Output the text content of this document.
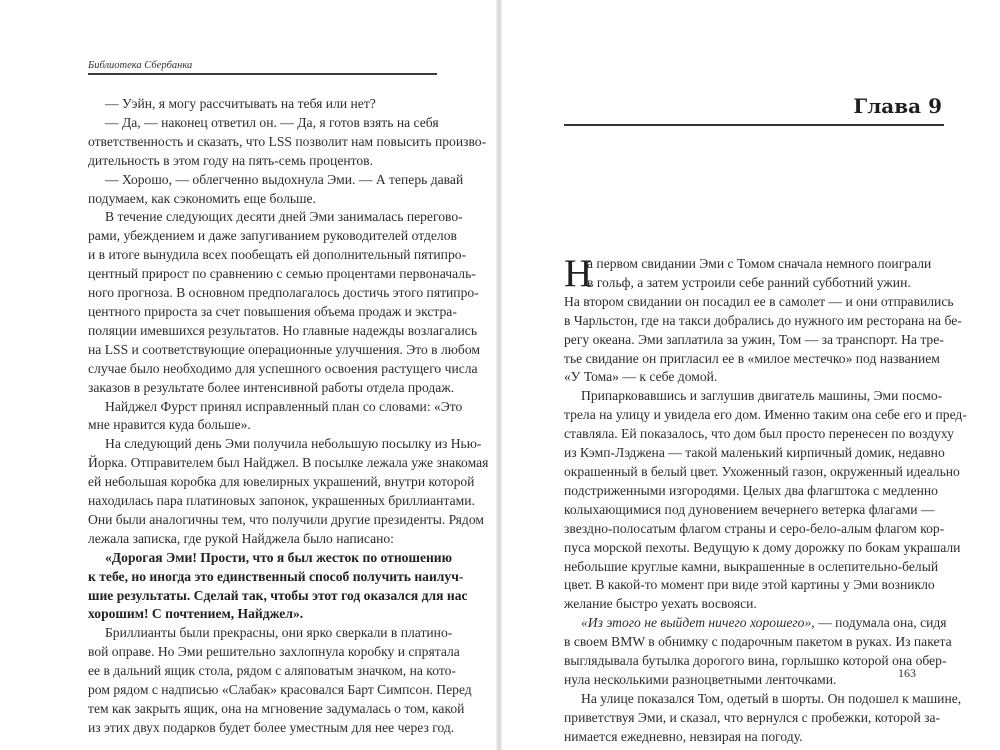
Библиотека Сбербанка
— Уэйн, я могу рассчитывать на тебя или нет?
— Да, — наконец ответил он. — Да, я готов взять на себя
ответственность и сказать, что LSS позволит нам повысить произво-
дительность в этом году на пять-семь процентов.
— Хорошо, — облегченно выдохнула Эми. — А теперь давай
подумаем, как сэкономить еще больше.
В течение следующих десяти дней Эми занималась перегово-
рами, убеждением и даже запугиванием руководителей отделов
и в итоге вынудила всех пообещать ей дополнительный пятипро-
центный прирост по сравнению с семью процентами первоначаль-
ного прогноза. В основном предполагалось достичь этого пятипро-
центного прироста за счет повышения объема продаж и экстра-
поляции имевшихся результатов. Но главные надежды возлагались
на LSS и соответствующие операционные улучшения. Это в любом
случае было необходимо для успешного освоения растущего числа
заказов в результате более интенсивной работы отдела продаж.
Найджел Фурст принял исправленный план со словами: «Это
мне нравится куда больше».
На следующий день Эми получила небольшую посылку из Нью-
Йорка. Отправителем был Найджел. В посылке лежала уже знакомая
ей небольшая коробка для ювелирных украшений, внутри которой
находилась пара платиновых запонок, украшенных бриллиантами.
Они были аналогичны тем, что получили другие президенты. Рядом
лежала записка, где рукой Найджела было написано:
«Дорогая Эми! Прости, что я был жесток по отношению
к тебе, но иногда это единственный способ получить наилуч-
шие результаты. Сделай так, чтобы этот год оказался для нас
хорошим! С почтением, Найджел».
Бриллианты были прекрасны, они ярко сверкали в платино-
вой оправе. Но Эми решительно захлопнула коробку и спрятала
ее в дальний ящик стола, рядом с аляповатым значком, на кото-
ром рядом с надписью «Слабак» красовался Барт Симпсон. Перед
тем как закрыть ящик, она на мгновение задумалась о том, какой
из этих двух подарков будет более уместным для нее через год.
Глава 9
Н
а первом свидании Эми с Томом сначала немного поиграли
в гольф, а затем устроили себе ранний субботний ужин.
На втором свидании он посадил ее в самолет — и они отправились
в Чарльстон, где на такси добрались до нужного им ресторана на бе-
регу океана. Эми заплатила за ужин, Том — за транспорт. На тре-
тье свидание он пригласил ее в «милое местечко» под названием
«У Тома» — к себе домой.
Припарковавшись и заглушив двигатель машины, Эми посмо-
трела на улицу и увидела его дом. Именно таким она себе его и пред-
ставляла. Ей показалось, что дом был просто перенесен по воздуху
из Кэмп-Лэджена — такой маленький кирпичный домик, недавно
окрашенный в белый цвет. Ухоженный газон, окруженный идеально
подстриженными изгородями. Целых два флагштока с медленно
колыхающимися под дуновением вечернего ветерка флагами —
звездно-полосатым флагом страны и серо-бело-алым флагом кор-
пуса морской пехоты. Ведущую к дому дорожку по бокам украшали
небольшие круглые камни, выкрашенные в ослепительно-белый
цвет. В какой-то момент при виде этой картины у Эми возникло
желание быстро уехать восвояси.
«Из этого не выйдет ничего хорошего», — подумала она, сидя
в своем BMW в обнимку с подарочным пакетом в руках. Из пакета
выглядывала бутылка дорогого вина, горлышко которой она обер-
нула несколькими разноцветными ленточками.
На улице показался Том, одетый в шорты. Он подошел к машине,
приветствуя Эми, и сказал, что вернулся с пробежки, которой за-
нимается ежедневно, невзирая на погоду.
163
